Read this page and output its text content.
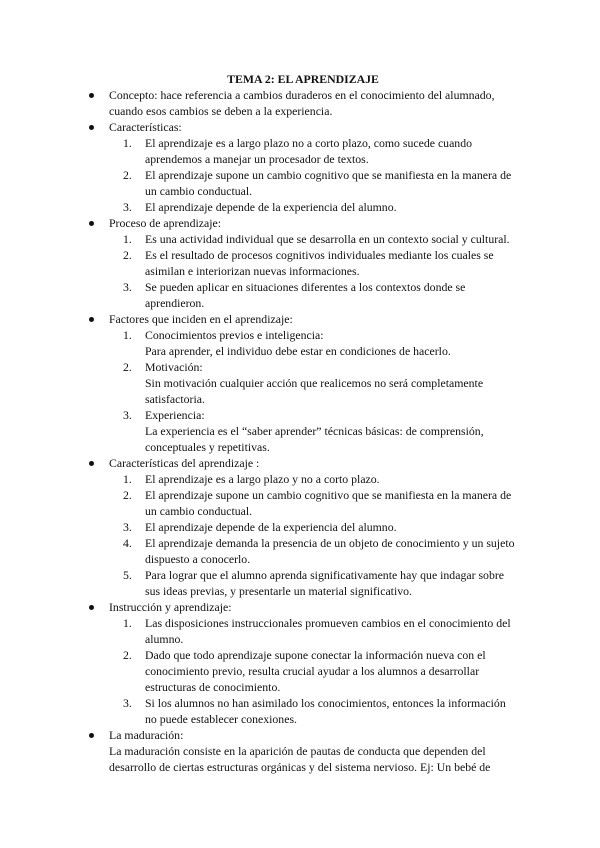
TEMA 2: EL APRENDIZAJE
Concepto: hace referencia a cambios duraderos en el conocimiento del alumnado,
cuando esos cambios se deben a la experiencia.
Características:
1.	El aprendizaje es a largo plazo no a corto plazo, como sucede cuando
aprendemos a manejar un procesador de textos.
2.	El aprendizaje supone un cambio cognitivo que se manifiesta en la manera de
un cambio conductual.
3.	El aprendizaje depende de la experiencia del alumno.
Proceso de aprendizaje:
1.	Es una actividad individual que se desarrolla en un contexto social y cultural.
2.	Es el resultado de procesos cognitivos individuales mediante los cuales se
asimilan e interiorizan nuevas informaciones.
3.	Se pueden aplicar en situaciones diferentes a los contextos donde se
aprendieron.
Factores que inciden en el aprendizaje:
1.	Conocimientos previos e inteligencia:
Para aprender, el individuo debe estar en condiciones de hacerlo.
2.	Motivación:
Sin motivación cualquier acción que realicemos no será completamente
satisfactoria.
3.	Experiencia:
La experiencia es el “saber aprender” técnicas básicas: de comprensión,
conceptuales y repetitivas.
Características del aprendizaje :
1.	El aprendizaje es a largo plazo y no a corto plazo.
2.	El aprendizaje supone un cambio cognitivo que se manifiesta en la manera de
un cambio conductual.
3.	El aprendizaje depende de la experiencia del alumno.
4.	El aprendizaje demanda la presencia de un objeto de conocimiento y un sujeto
dispuesto a conocerlo.
5.	Para lograr que el alumno aprenda significativamente hay que indagar sobre
sus ideas previas, y presentarle un material significativo.
Instrucción y aprendizaje:
1.	Las disposiciones instruccionales promueven cambios en el conocimiento del
alumno.
2.	Dado que todo aprendizaje supone conectar la información nueva con el
conocimiento previo, resulta crucial ayudar a los alumnos a desarrollar
estructuras de conocimiento.
3.	Si los alumnos no han asimilado los conocimientos, entonces la información
no puede establecer conexiones.
La maduración:
La maduración consiste en la aparición de pautas de conducta que dependen del
desarrollo de ciertas estructuras orgánicas y del sistema nervioso. Ej: Un bebé de
